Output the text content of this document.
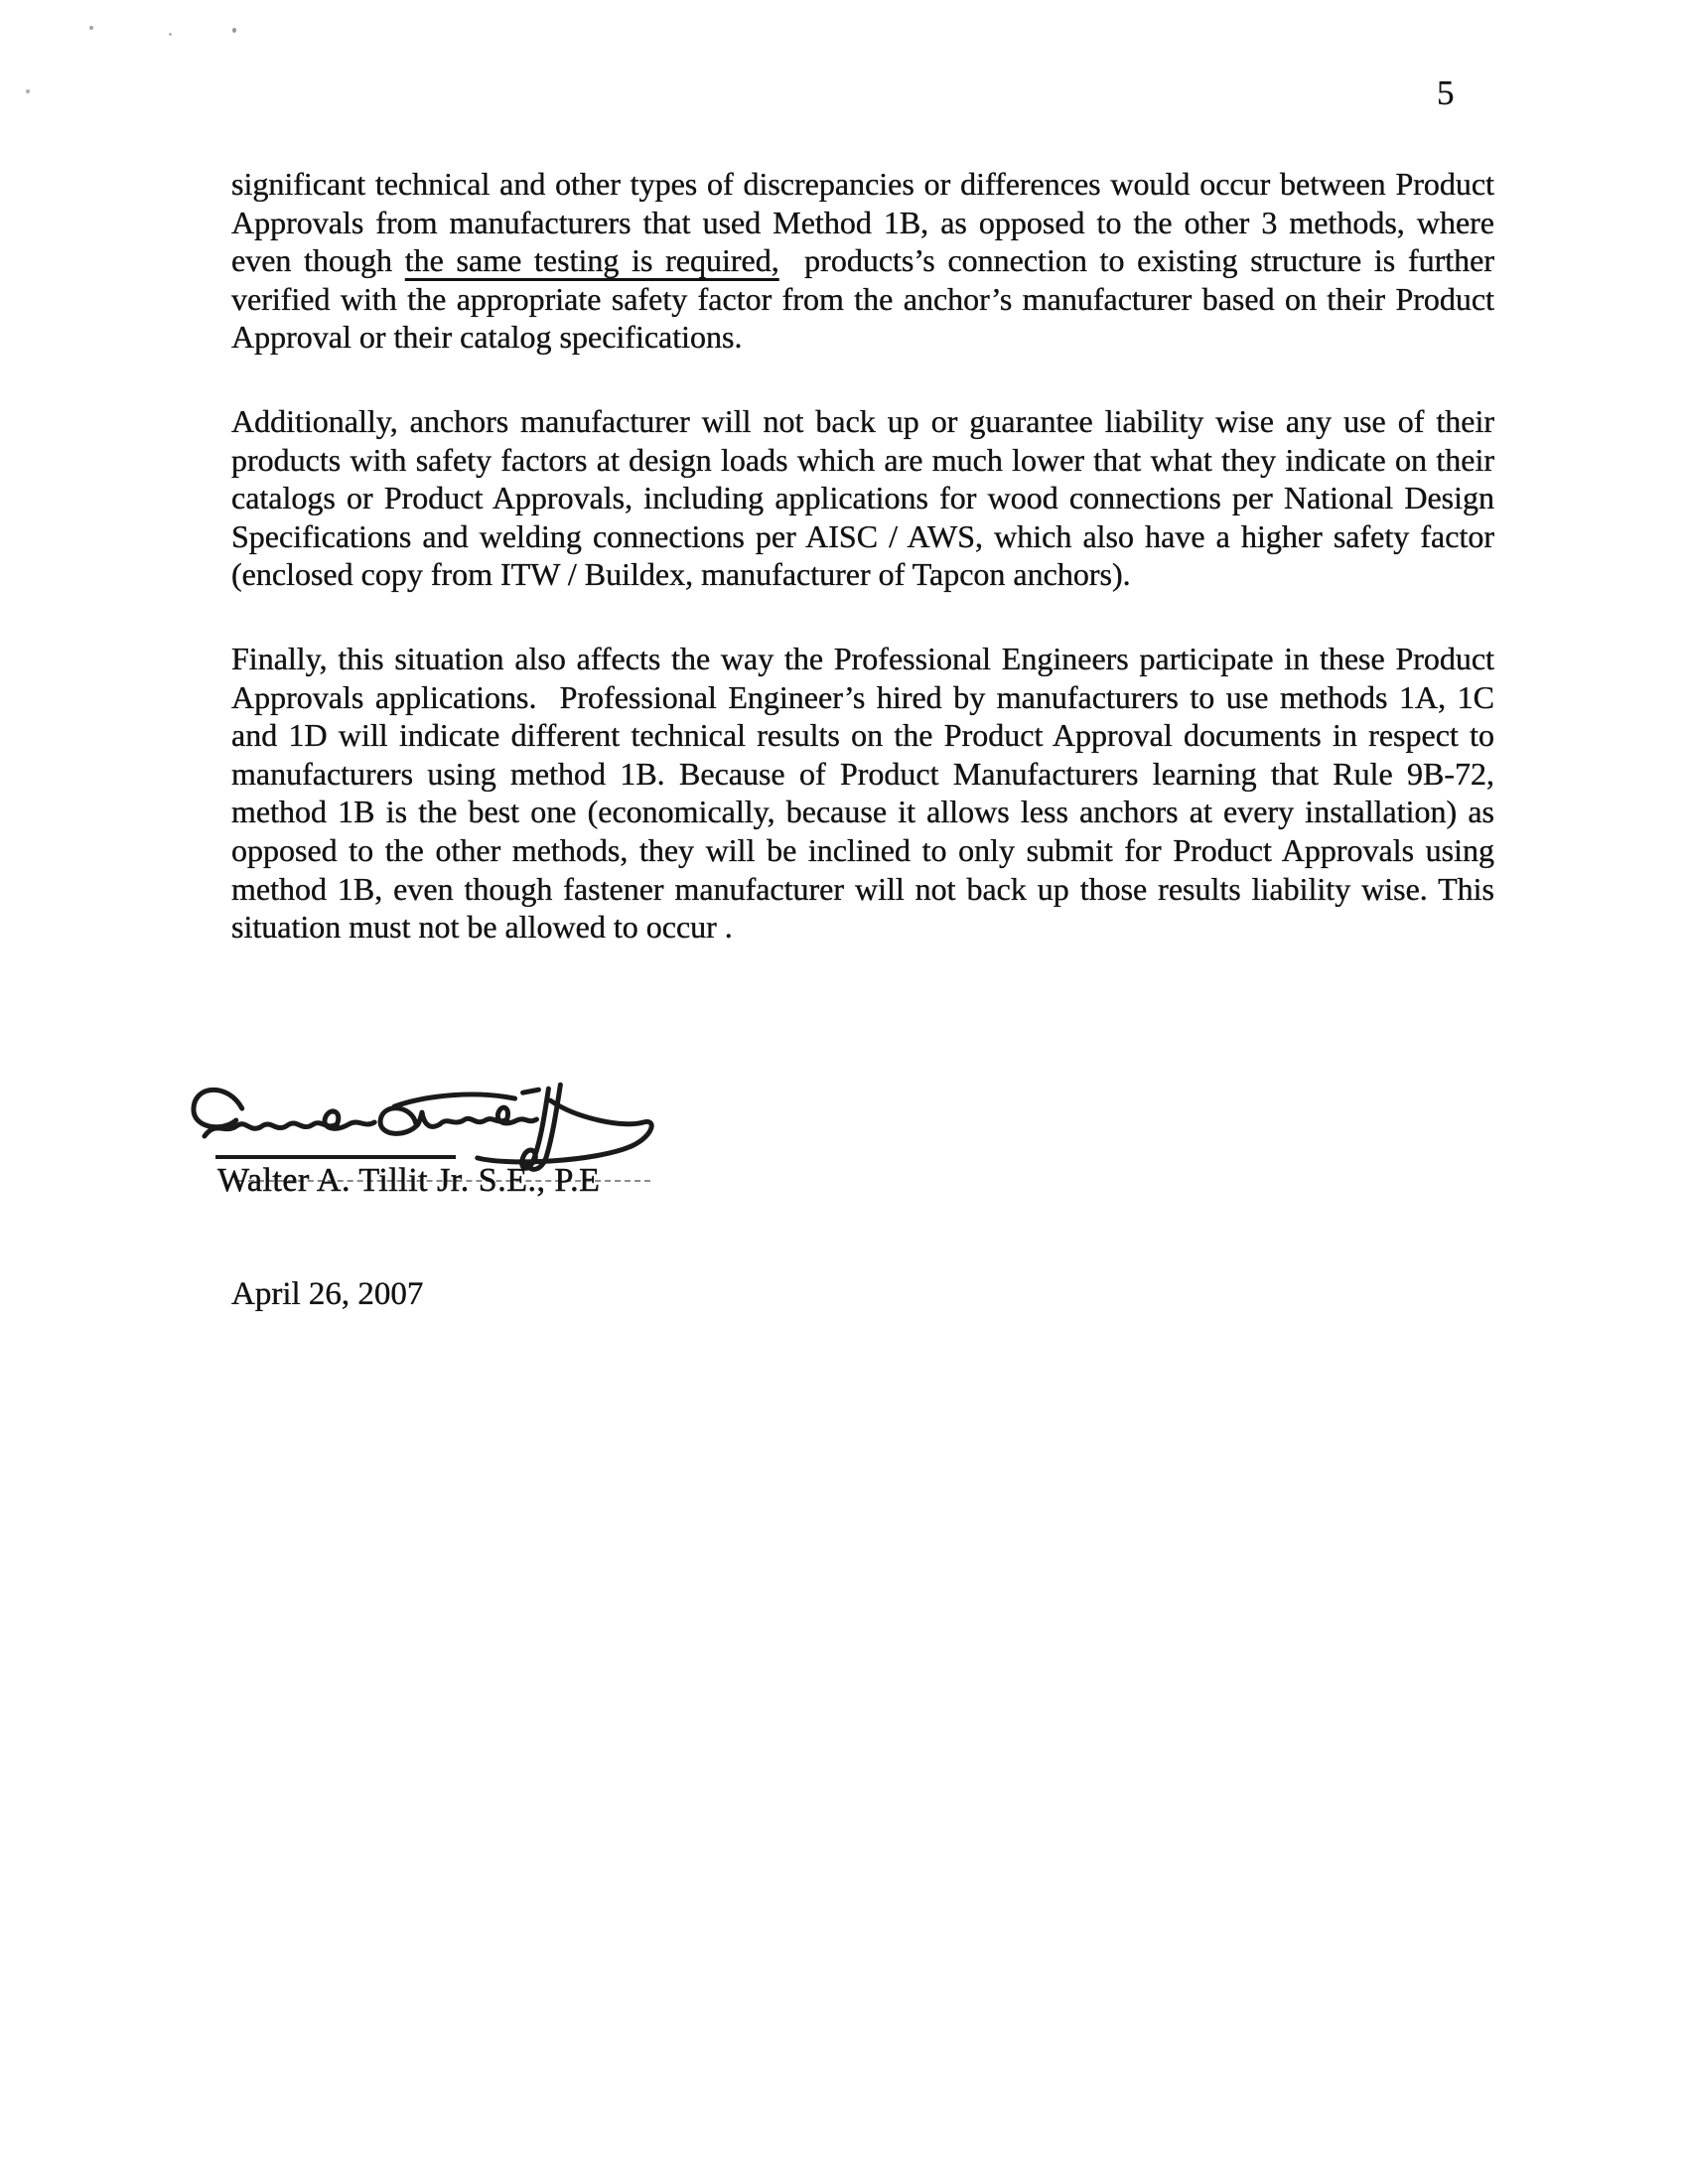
5

significant technical and other types of discrepancies or differences would occur between Product Approvals from manufacturers that used Method 1B, as opposed to the other 3 methods, where even though the same testing is required,  products’s connection to existing structure is further verified with the appropriate safety factor from the anchor’s manufacturer based on their Product Approval or their catalog specifications.

Additionally, anchors manufacturer will not back up or guarantee liability wise any use of their products with safety factors at design loads which are much lower that what they indicate on their catalogs or Product Approvals, including applications for wood connections per National Design Specifications and welding connections per AISC / AWS, which also have a higher safety factor (enclosed copy from ITW / Buildex, manufacturer of Tapcon anchors).

Finally, this situation also affects the way the Professional Engineers participate in these Product Approvals applications.  Professional Engineer’s hired by manufacturers to use methods 1A, 1C and 1D will indicate different technical results on the Product Approval documents in respect to manufacturers using method 1B. Because of Product Manufacturers learning that Rule 9B-72, method 1B is the best one (economically, because it allows less anchors at every installation) as opposed to the other methods, they will be inclined to only submit for Product Approvals using method 1B, even though fastener manufacturer will not back up those results liability wise. This situation must not be allowed to occur .

Walter A. Tillit Jr. S.E., P.E
April 26, 2007
